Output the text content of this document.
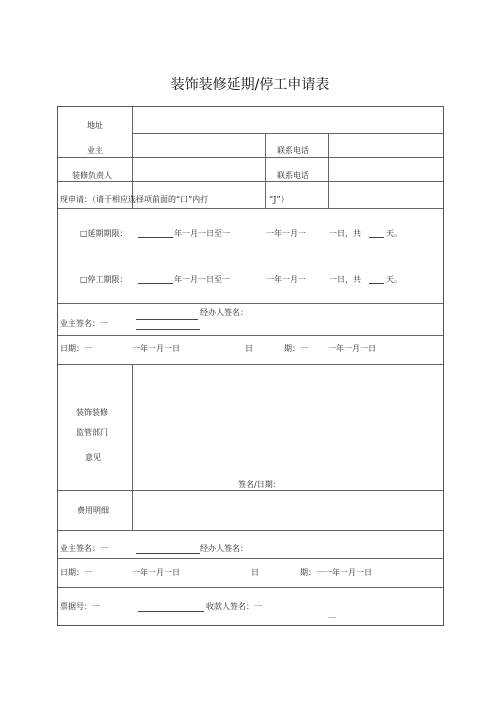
装饰装修延期/停工申请表
地址
业主	联系电话
装修负责人	联系电话
现申请：（请于相应选择项前面的“口”内打	“J”）
□延期期限：	年一月一日至一	一年一月一	一日，共	天。
□停工期限：	年一月一日至一	一年一月一	一日，共	天。
经办人签名：
业主签名：一
日期：一	一年一月一日	日	期：一	一年一月一日
装饰装修
监管部门
意见
签名/日期：
费用明细
业主签名：一	经办人签名：
日期：一	一年一月一日	日	期：一一年一月一日
票据号：一	收款人签名：一
一
